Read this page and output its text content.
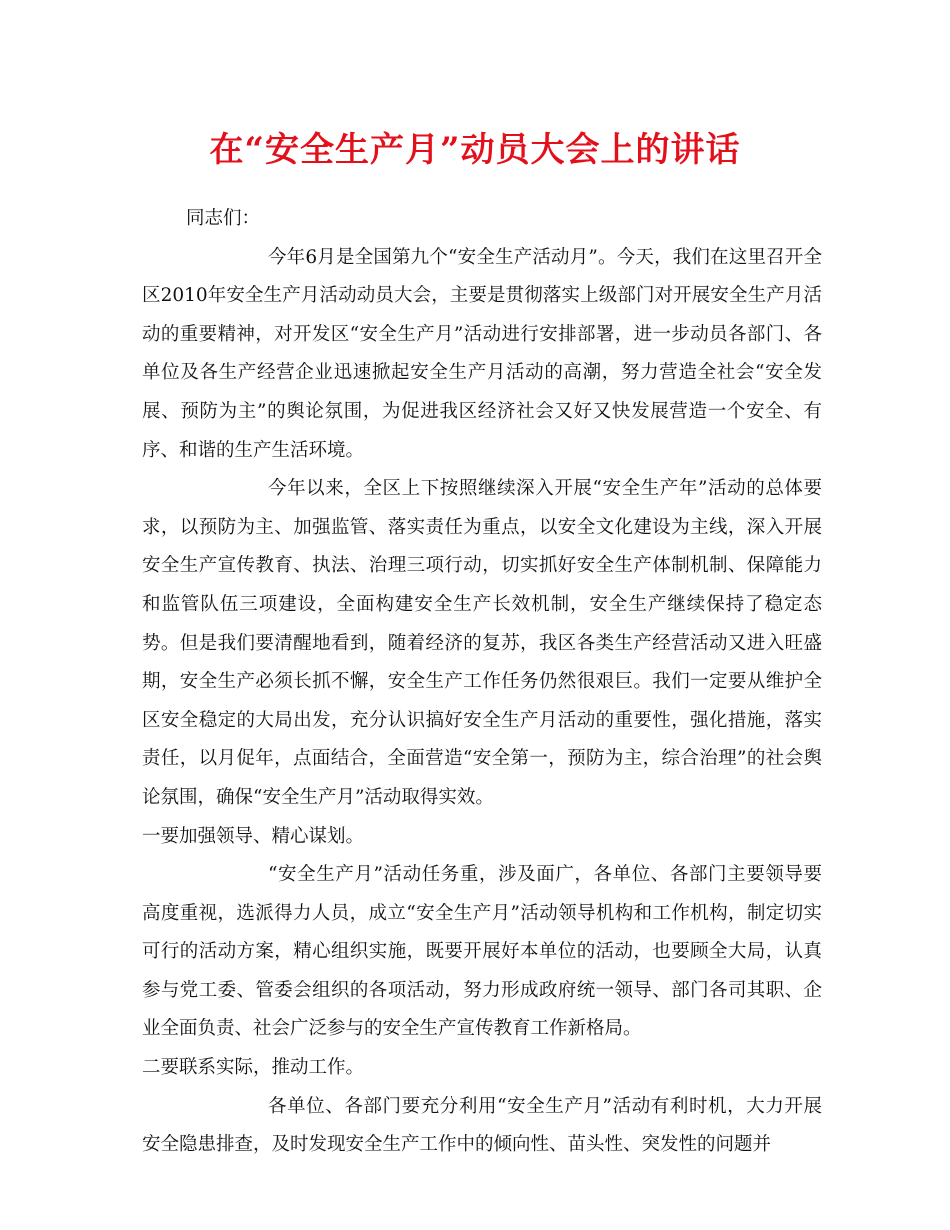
在“安全生产月”动员大会上的讲话

同志们：

今年6月是全国第九个“安全生产活动月”。今天，我们在这里召开全区2010年安全生产月活动动员大会，主要是贯彻落实上级部门对开展安全生产月活动的重要精神，对开发区“安全生产月”活动进行安排部署，进一步动员各部门、各单位及各生产经营企业迅速掀起安全生产月活动的高潮，努力营造全社会“安全发展、预防为主”的舆论氛围，为促进我区经济社会又好又快发展营造一个安全、有序、和谐的生产生活环境。

今年以来，全区上下按照继续深入开展“安全生产年”活动的总体要求，以预防为主、加强监管、落实责任为重点，以安全文化建设为主线，深入开展安全生产宣传教育、执法、治理三项行动，切实抓好安全生产体制机制、保障能力和监管队伍三项建设，全面构建安全生产长效机制，安全生产继续保持了稳定态势。但是我们要清醒地看到，随着经济的复苏，我区各类生产经营活动又进入旺盛期，安全生产必须长抓不懈，安全生产工作任务仍然很艰巨。我们一定要从维护全区安全稳定的大局出发，充分认识搞好安全生产月活动的重要性，强化措施，落实责任，以月促年，点面结合，全面营造“安全第一，预防为主，综合治理”的社会舆论氛围，确保“安全生产月”活动取得实效。

一要加强领导、精心谋划。

“安全生产月”活动任务重，涉及面广，各单位、各部门主要领导要高度重视，选派得力人员，成立“安全生产月”活动领导机构和工作机构，制定切实可行的活动方案，精心组织实施，既要开展好本单位的活动，也要顾全大局，认真参与党工委、管委会组织的各项活动，努力形成政府统一领导、部门各司其职、企业全面负责、社会广泛参与的安全生产宣传教育工作新格局。

二要联系实际，推动工作。

各单位、各部门要充分利用“安全生产月”活动有利时机，大力开展安全隐患排查，及时发现安全生产工作中的倾向性、苗头性、突发性的问题并
